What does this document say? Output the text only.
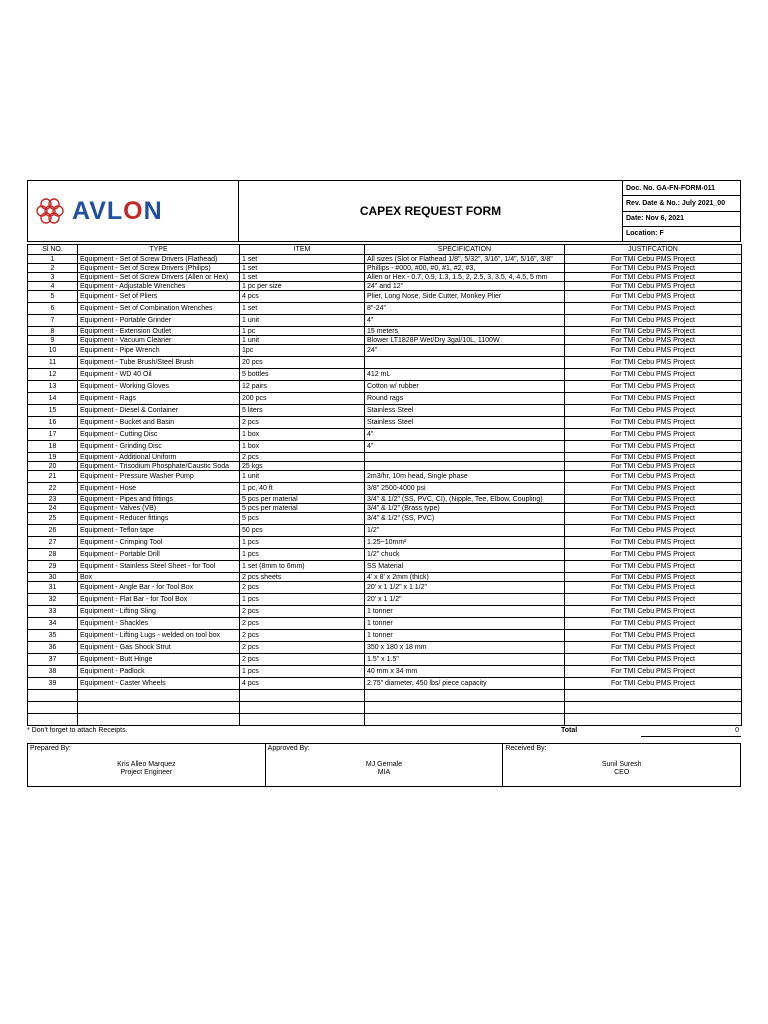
AVLON	CAPEX REQUEST FORM
Doc. No. GA-FN-FORM-011
Rev. Date & No.: July 2021_00
Date: Nov 6, 2021
Location: F
Sl NO.	TYPE	ITEM	SPECIFICATION	JUSTIFCATION
1	Equipment - Set of Screw Drivers (Flathead)	1 set	All sizes (Slot or Flathead 1/8", 5/32", 3/16", 1/4", 5/16", 3/8"	For TMI Cebu PMS Project
2	Equipment - Set of Screw Drivers (Philips)	1 set	Phillips - #000, #00, #0, #1, #2, #3,	For TMI Cebu PMS Project
3	Equipment - Set of Screw Drivers (Allen or Hex)	1 set	Allen or Hex - 0.7, 0.9, 1.3, 1.5, 2, 2.5, 3, 3.5, 4, 4.5, 5 mm	For TMI Cebu PMS Project
4	Equipment - Adjustable Wrenches	1 pc per size	24" and 12"	For TMI Cebu PMS Project
5	Equipment - Set of Pliers	4 pcs	Plier, Long Nose, Side Cutter, Monkey Plier	For TMI Cebu PMS Project
6	Equipment - Set of Combination Wrenches	1 set	8"-24"	For TMI Cebu PMS Project
7	Equipment - Portable Grinder	1 unit	4"	For TMI Cebu PMS Project
8	Equipment - Extension Outlet	1 pc	15 meters	For TMI Cebu PMS Project
9	Equipment - Vacuum Cleaner	1 unit	Blower LT1828P Wet/Dry 3gal/10L, 1100W	For TMI Cebu PMS Project
10	Equipment - Pipe Wrench	1pc	24"	For TMI Cebu PMS Project
11	Equipment - Tube Brush/Steel Brush	20 pcs		For TMI Cebu PMS Project
12	Equipment - WD 40 Oil	5 bottles	412 mL	For TMI Cebu PMS Project
13	Equipment - Working Gloves	12 pairs	Cotton w/ rubber	For TMI Cebu PMS Project
14	Equipment - Rags	200 pcs	Round rags	For TMI Cebu PMS Project
15	Equipment - Diesel & Container	5 liters	Stainless Steel	For TMI Cebu PMS Project
16	Equipment - Bucket and Basin	2 pcs	Stainless Steel	For TMI Cebu PMS Project
17	Equipment - Cutting Disc	1 box	4"	For TMI Cebu PMS Project
18	Equipment - Grinding Disc	1 box	4"	For TMI Cebu PMS Project
19	Equipment - Additional Uniform	2 pcs		For TMI Cebu PMS Project
20	Equipment - Trisodium Phosphate/Caustic Soda	25 kgs		For TMI Cebu PMS Project
21	Equipment - Pressure Washer Pump	1 unit	2m3/hr, 10m head, Single phase	For TMI Cebu PMS Project
22	Equipment - Hose	1 pc, 40 ft	3/8" 2500-4000 psi	For TMI Cebu PMS Project
23	Equipment - Pipes and fittings	5 pcs per material	3/4" & 1/2" (SS, PVC, CI), (Nipple, Tee, Elbow, Coupling)	For TMI Cebu PMS Project
24	Equipment - Valves (VB)	5 pcs per material	3/4" & 1/2" (Brass type)	For TMI Cebu PMS Project
25	Equipment - Reducer fittings	5 pcs	3/4" & 1/2" (SS, PVC)	For TMI Cebu PMS Project
26	Equipment - Teflon tape	50 pcs	1/2"	For TMI Cebu PMS Project
27	Equipment - Crimping Tool	1 pcs	1.25~10mm²	For TMI Cebu PMS Project
28	Equipment - Portable Drill	1 pcs	1/2" chuck	For TMI Cebu PMS Project
29	Equipment - Stainless Steel Sheet - for Tool	1 set (8mm to 6mm)	SS Material	For TMI Cebu PMS Project
30	Box	2 pcs sheets	4' x 8' x 2mm (thick)	For TMI Cebu PMS Project
31	Equipment - Angle Bar - for Tool Box	2 pcs	20' x 1 1/2" x 1 1/2"	For TMI Cebu PMS Project
32	Equipment - Flat Bar - for Tool Box	1 pcs	20' x 1 1/2"	For TMI Cebu PMS Project
33	Equipment - Lifting Sling	2 pcs	1 tonner	For TMI Cebu PMS Project
34	Equipment - Shackles	2 pcs	1 tonner	For TMI Cebu PMS Project
35	Equipment - Lifting Lugs - welded on tool box	2 pcs	1 tonner	For TMI Cebu PMS Project
36	Equipment - Gas Shock Strut	2 pcs	350 x 180 x 18 mm	For TMI Cebu PMS Project
37	Equipment - Butt Hinge	2 pcs	1.5" x 1.5"	For TMI Cebu PMS Project
38	Equipment - Padlock	1 pcs	40 mm x 34 mm	For TMI Cebu PMS Project
39	Equipment - Caster Wheels	4 pcs	2.75" diameter, 450 lbs/ piece capacity	For TMI Cebu PMS Project

* Don't forget to attach Receipts.	Total	0
Prepared By:
Kris Alleo Marquez
Project Engineer
Approved By:
MJ Gernale
MIA
Received By:
Sunil Suresh
CEO
